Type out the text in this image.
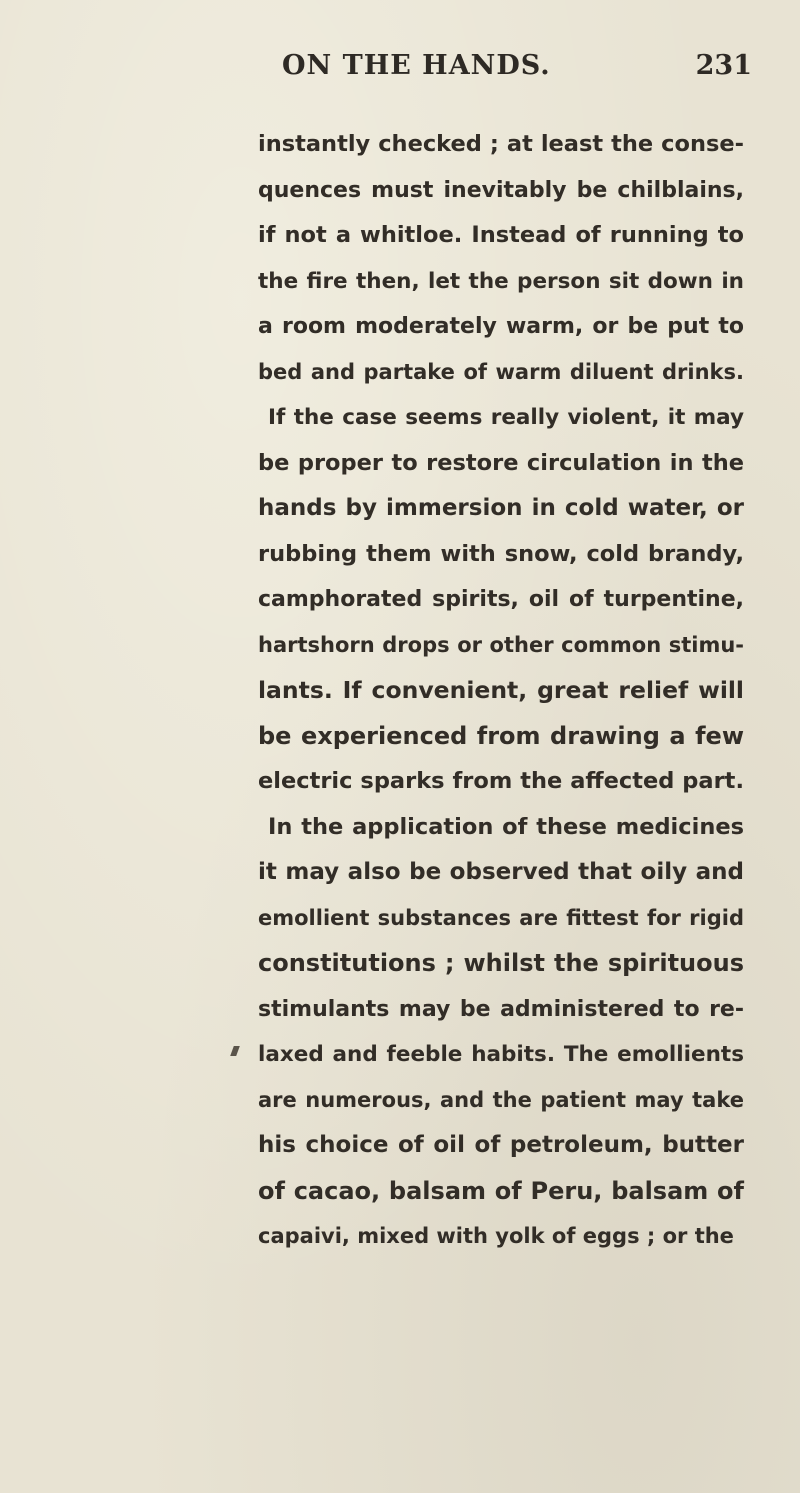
ON THE HANDS.	231
instantly checked ; at least the conse-
quences must inevitably be chilblains,
if not a whitloe. Instead of running to
the fire then, let the person sit down in
a room moderately warm, or be put to
bed and partake of warm diluent drinks.
If the case seems really violent, it may
be proper to restore circulation in the
hands by immersion in cold water, or
rubbing them with snow, cold brandy,
camphorated spirits, oil of turpentine,
hartshorn drops or other common stimu-
lants. If convenient, great relief will
be experienced from drawing a few
electric sparks from the affected part.
In the application of these medicines
it may also be observed that oily and
emollient substances are fittest for rigid
constitutions ; whilst the spirituous
stimulants may be administered to re-
laxed and feeble habits. The emollients
are numerous, and the patient may take
his choice of oil of petroleum, butter
of cacao, balsam of Peru, balsam of
capaivi, mixed with yolk of eggs ; or the
